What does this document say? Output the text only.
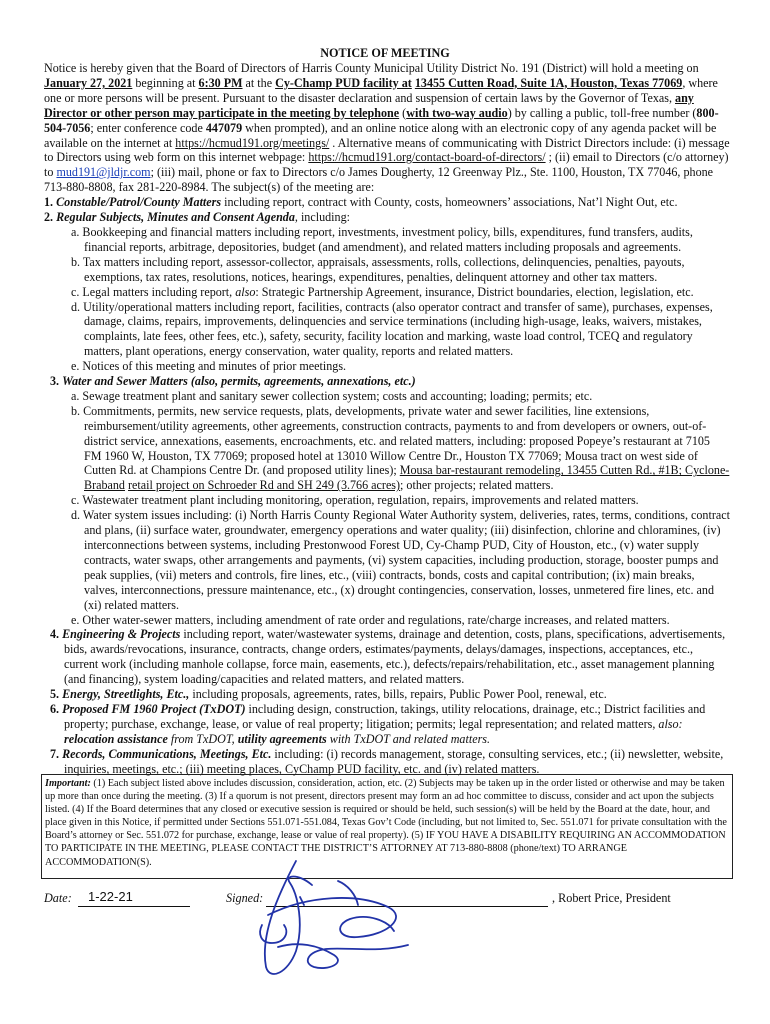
NOTICE OF MEETING

Notice is hereby given that the Board of Directors of Harris County Municipal Utility District No. 191 (District) will hold a meeting on January 27, 2021 beginning at 6:30 PM at the Cy-Champ PUD facility at 13455 Cutten Road, Suite 1A, Houston, Texas 77069, where one or more persons will be present. Pursuant to the disaster declaration and suspension of certain laws by the Governor of Texas, any Director or other person may participate in the meeting by telephone (with two-way audio) by calling a public, toll-free number (800-504-7056; enter conference code 447079 when prompted), and an online notice along with an electronic copy of any agenda packet will be available on the internet at https://hcmud191.org/meetings/ . Alternative means of communicating with District Directors include: (i) message to Directors using web form on this internet webpage: https://hcmud191.org/contact-board-of-directors/ ; (ii) email to Directors (c/o attorney) to mud191@jldjr.com; (iii) mail, phone or fax to Directors c/o James Dougherty, 12 Greenway Plz., Ste. 1100, Houston, TX 77046, phone 713-880-8808, fax 281-220-8984. The subject(s) of the meeting are:

1. Constable/Patrol/County Matters including report, contract with County, costs, homeowners’ associations, Nat’l Night Out, etc.

2. Regular Subjects, Minutes and Consent Agenda, including:

a. Bookkeeping and financial matters including report, investments, investment policy, bills, expenditures, fund transfers, audits, financial reports, arbitrage, depositories, budget (and amendment), and related matters including proposals and agreements.

b. Tax matters including report, assessor-collector, appraisals, assessments, rolls, collections, delinquencies, penalties, payouts, exemptions, tax rates, resolutions, notices, hearings, expenditures, penalties, delinquent attorney and other tax matters.

c. Legal matters including report, also: Strategic Partnership Agreement, insurance, District boundaries, election, legislation, etc.

d. Utility/operational matters including report, facilities, contracts (also operator contract and transfer of same), purchases, expenses, damage, claims, repairs, improvements, delinquencies and service terminations (including high-usage, leaks, waivers, mistakes, complaints, late fees, other fees, etc.), safety, security, facility location and marking, waste load control, TCEQ and regulatory matters, plant operations, energy conservation, water quality, reports and related matters.

e. Notices of this meeting and minutes of prior meetings.

3. Water and Sewer Matters (also, permits, agreements, annexations, etc.)

a. Sewage treatment plant and sanitary sewer collection system; costs and accounting; loading; permits; etc.

b. Commitments, permits, new service requests, plats, developments, private water and sewer facilities, line extensions, reimbursement/utility agreements, other agreements, construction contracts, payments to and from developers or owners, out-of-district service, annexations, easements, encroachments, etc. and related matters, including: proposed Popeye’s restaurant at 7105 FM 1960 W, Houston, TX 77069; proposed hotel at 13010 Willow Centre Dr., Houston TX 77069; Mousa tract on west side of Cutten Rd. at Champions Centre Dr. (and proposed utility lines); Mousa bar-restaurant remodeling, 13455 Cutten Rd., #1B; Cyclone-Braband retail project on Schroeder Rd and SH 249 (3.766 acres); other projects; related matters.

c. Wastewater treatment plant including monitoring, operation, regulation, repairs, improvements and related matters.

d. Water system issues including: (i) North Harris County Regional Water Authority system, deliveries, rates, terms, conditions, contract and plans, (ii) surface water, groundwater, emergency operations and water quality; (iii) disinfection, chlorine and chloramines, (iv) interconnections between systems, including Prestonwood Forest UD, Cy-Champ PUD, City of Houston, etc., (v) water supply contracts, water swaps, other arrangements and payments, (vi) system capacities, including production, storage, booster pumps and peak supplies, (vii) meters and controls, fire lines, etc., (viii) contracts, bonds, costs and capital contribution; (ix) main breaks, valves, interconnections, pressure maintenance, etc., (x) drought contingencies, conservation, losses, unmetered fire lines, etc. and (xi) related matters.

e. Other water-sewer matters, including amendment of rate order and regulations, rate/charge increases, and related matters.

4. Engineering & Projects including report, water/wastewater systems, drainage and detention, costs, plans, specifications, advertisements, bids, awards/revocations, insurance, contracts, change orders, estimates/payments, delays/damages, inspections, acceptances, etc., current work (including manhole collapse, force main, easements, etc.), defects/repairs/rehabilitation, etc., asset management planning (and financing), system loading/capacities and related matters, and related matters.

5. Energy, Streetlights, Etc., including proposals, agreements, rates, bills, repairs, Public Power Pool, renewal, etc.

6. Proposed FM 1960 Project (TxDOT) including design, construction, takings, utility relocations, drainage, etc.; District facilities and property; purchase, exchange, lease, or value of real property; litigation; permits; legal representation; and related matters, also: relocation assistance from TxDOT, utility agreements with TxDOT and related matters.

7. Records, Communications, Meetings, Etc. including: (i) records management, storage, consulting services, etc.; (ii) newsletter, website, inquiries, meetings, etc.; (iii) meeting places, CyChamp PUD facility, etc. and (iv) related matters.

Important: (1) Each subject listed above includes discussion, consideration, action, etc. (2) Subjects may be taken up in the order listed or otherwise and may be taken up more than once during the meeting. (3) If a quorum is not present, directors present may form an ad hoc committee to discuss, consider and act upon the subjects listed. (4) If the Board determines that any closed or executive session is required or should be held, such session(s) will be held by the Board at the date, hour, and place given in this Notice, if permitted under Sections 551.071-551.084, Texas Gov’t Code (including, but not limited to, Sec. 551.071 for private consultation with the Board’s attorney or Sec. 551.072 for purchase, exchange, lease or value of real property). (5) IF YOU HAVE A DISABILITY REQUIRING AN ACCOMMODATION TO PARTICIPATE IN THE MEETING, PLEASE CONTACT THE DISTRICT’S ATTORNEY AT 713-880-8808 (phone/text) TO ARRANGE ACCOMMODATION(S).
Date: 1-22-21	Signed:	, Robert Price, President
